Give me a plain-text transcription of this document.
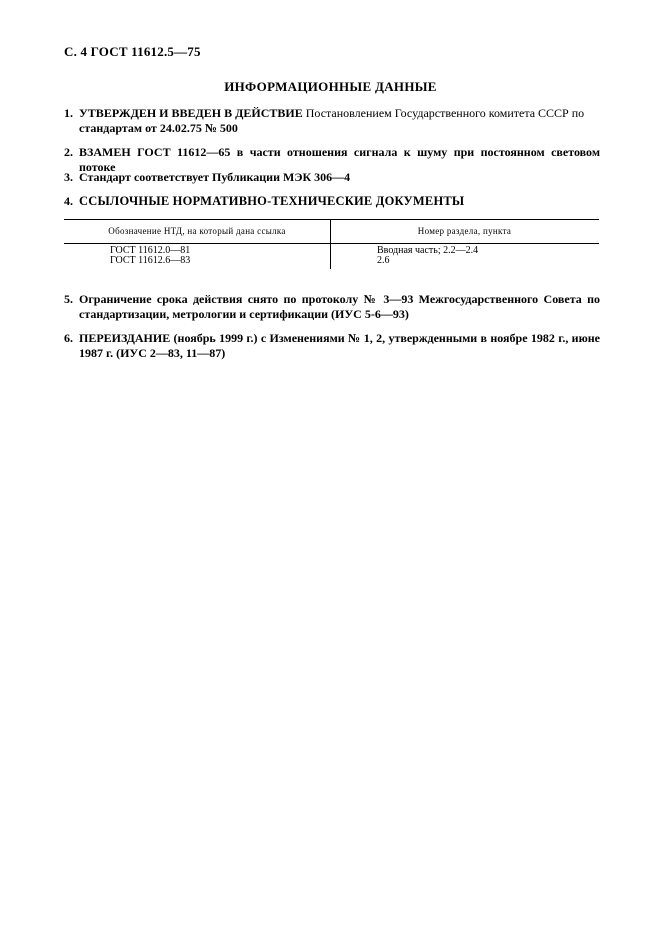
С. 4 ГОСТ 11612.5—75
ИНФОРМАЦИОННЫЕ ДАННЫЕ
1. УТВЕРЖДЕН И ВВЕДЕН В ДЕЙСТВИЕ Постановлением Государственного комитета СССР по
стандартам от 24.02.75 № 500
2. ВЗАМЕН ГОСТ 11612—65 в части отношения сигнала к шуму при постоянном световом потоке
3. Стандарт соответствует Публикации МЭК 306—4
4. ССЫЛОЧНЫЕ НОРМАТИВНО-ТЕХНИЧЕСКИЕ ДОКУМЕНТЫ
Обозначение НТД, на который дана ссылка	Номер раздела, пункта
ГОСТ 11612.0—81	Вводная часть; 2.2—2.4
ГОСТ 11612.6—83	2.6
5. Ограничение срока действия снято по протоколу № 3—93 Межгосударственного Совета по стандартизации, метрологии и сертификации (ИУС 5-6—93)
6. ПЕРЕИЗДАНИЕ (ноябрь 1999 г.) с Изменениями № 1, 2, утвержденными в ноябре 1982 г., июне 1987 г. (ИУС 2—83, 11—87)
